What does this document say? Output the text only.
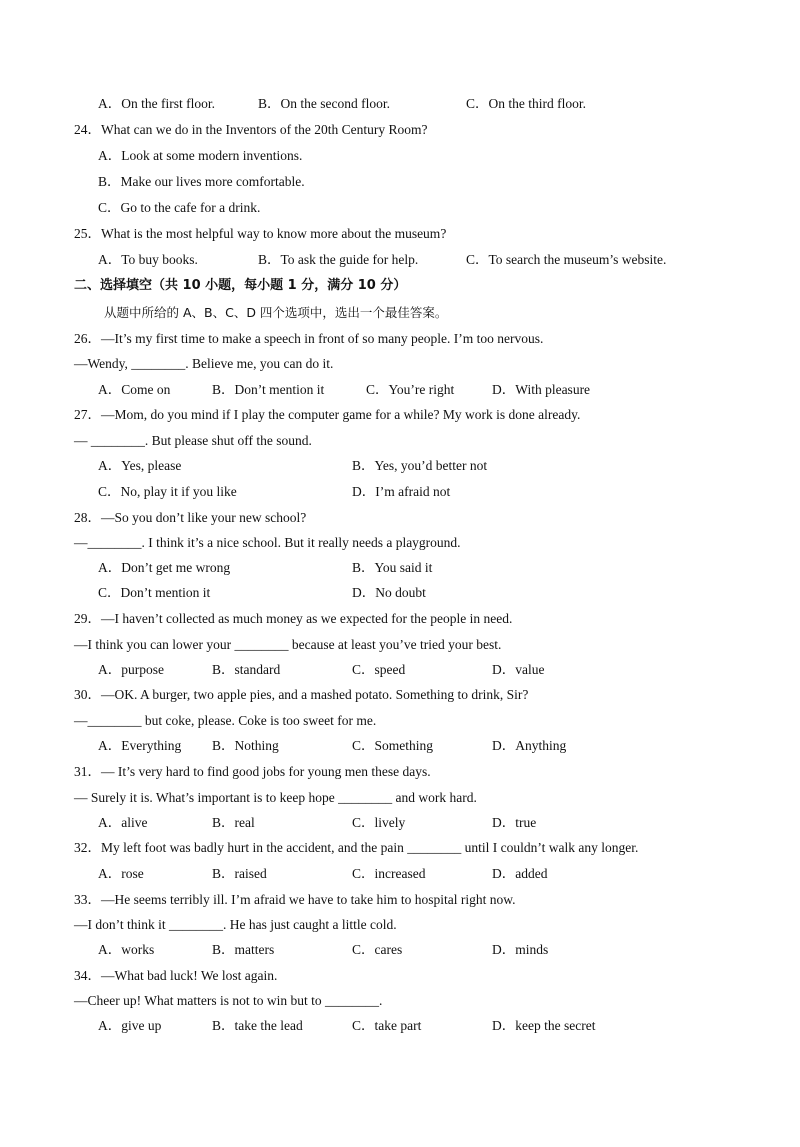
A．On the first floor.

	B．On the second floor.

	C．On the third floor.

24．What can we do in the Inventors of the 20th Century Room?

A．Look at some modern inventions.

B．Make our lives more comfortable.

C．Go to the cafe for a drink.

25．What is the most helpful way to know more about the museum?

A．To buy books.

	B．To ask the guide for help.

	C．To search the museum’s website.

二、选择填空（共 10 小题，每小题 1 分，满分 10 分）

从题中所给的 A、B、C、D 四个选项中，选出一个最佳答案。

26．—It’s my first time to make a speech in front of so many people. I’m too nervous.

—Wendy, ________. Believe me, you can do it.

A．Come on

	B．Don’t mention it

	C．You’re right

	D．With pleasure

27．—Mom, do you mind if I play the computer game for a while? My work is done already.

— ________. But please shut off the sound.

A．Yes, please

	B．Yes, you’d better not

C．No, play it if you like

	D．I’m afraid not

28．—So you don’t like your new school?

—________. I think it’s a nice school. But it really needs a playground.

A．Don’t get me wrong

	B．You said it

C．Don’t mention it

	D．No doubt

29．—I haven’t collected as much money as we expected for the people in need.

—I think you can lower your ________ because at least you’ve tried your best.

A．purpose

	B．standard

	C．speed

	D．value

30．—OK. A burger, two apple pies, and a mashed potato. Something to drink, Sir?

—________ but coke, please. Coke is too sweet for me.

A．Everything

B．Nothing

	C．Something

	D．Anything

31．— It’s very hard to find good jobs for young men these days.

— Surely it is. What’s important is to keep hope ________ and work hard.

A．alive

	B．real

	C．lively

	D．true

32．My left foot was badly hurt in the accident, and the pain ________ until I couldn’t walk any longer.

A．rose

	B．raised

	C．increased

	D．added

33．—He seems terribly ill. I’m afraid we have to take him to hospital right now.

—I don’t think it ________. He has just caught a little cold.

A．works

	B．matters

	C．cares

	D．minds

34．—What bad luck! We lost again.

—Cheer up! What matters is not to win but to ________.

A．give up

	B．take the lead

	C．take part

	D．keep the secret
